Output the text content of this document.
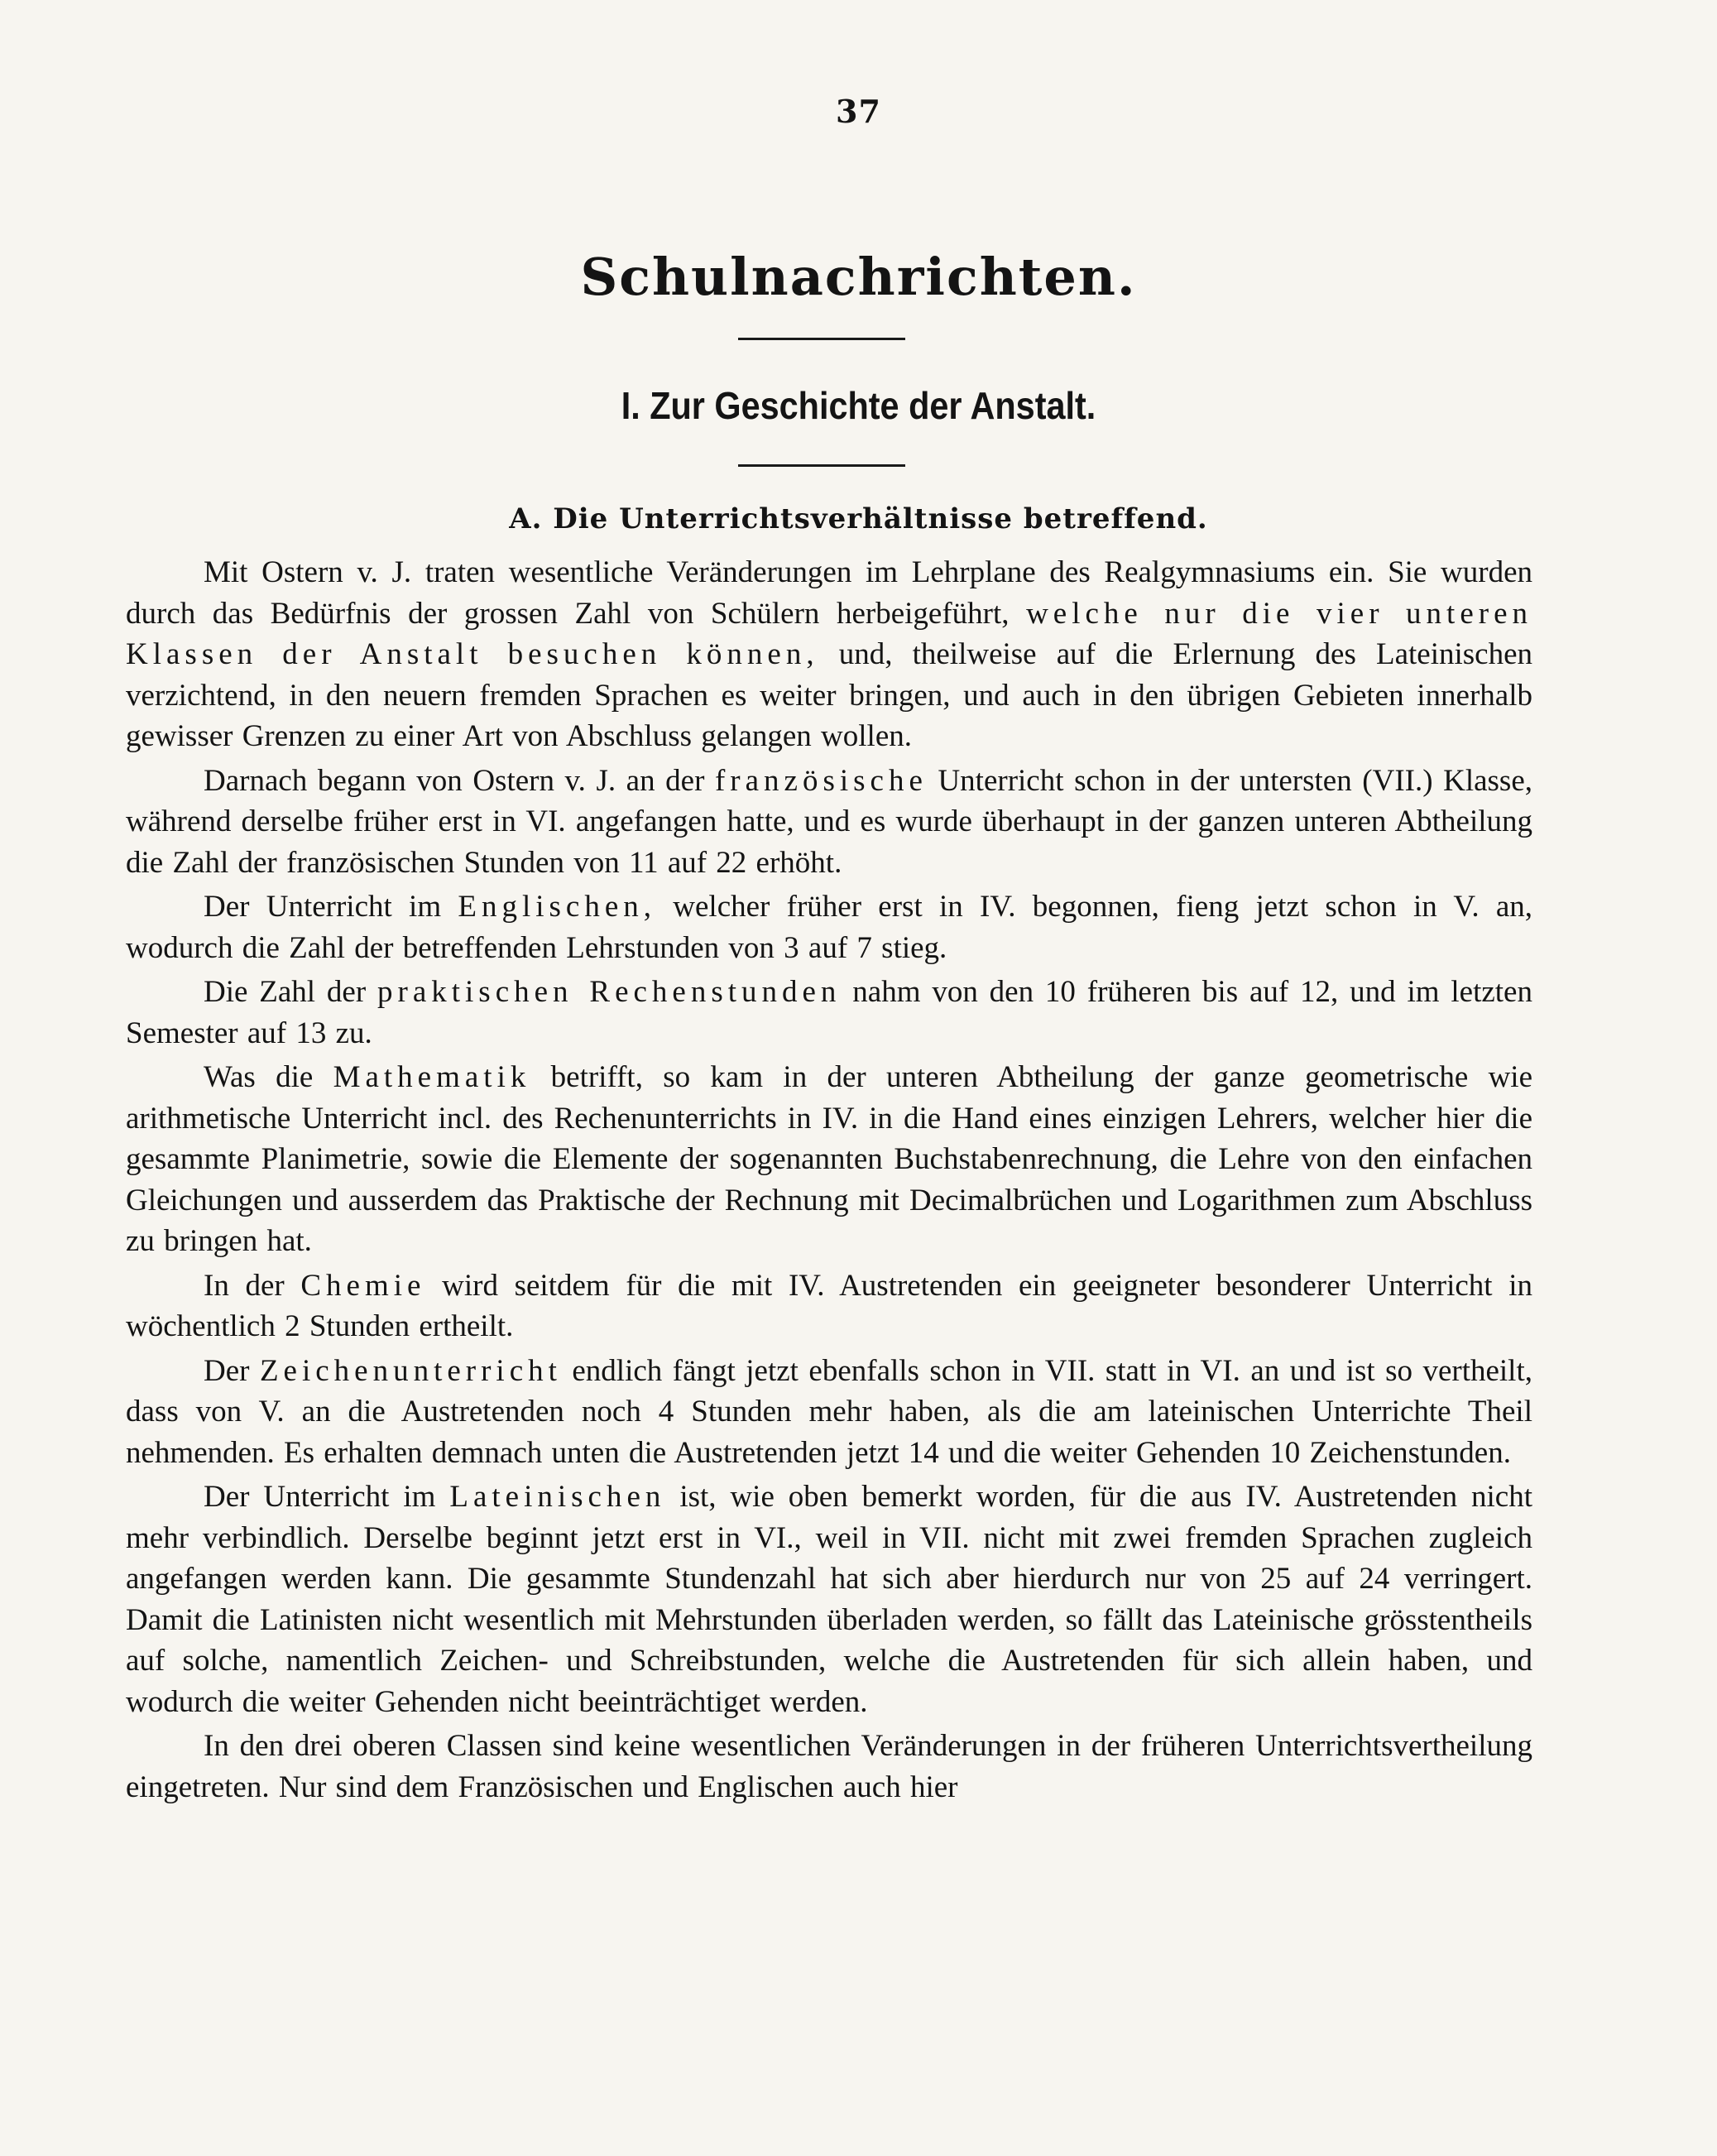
37
Schulnachrichten.
I. Zur Geschichte der Anstalt.
A. Die Unterrichtsverhältnisse betreffend.

Mit Ostern v. J. traten wesentliche Veränderungen im Lehrplane des Realgymnasiums ein. Sie wurden durch das Bedürfnis der grossen Zahl von Schülern herbeigeführt, welche nur die vier unteren Klassen der Anstalt besuchen können, und, theilweise auf die Erlernung des Lateinischen verzichtend, in den neuern fremden Sprachen es weiter bringen, und auch in den übrigen Gebieten innerhalb gewisser Grenzen zu einer Art von Abschluss gelangen wollen.

Darnach begann von Ostern v. J. an der französische Unterricht schon in der untersten (VII.) Klasse, während derselbe früher erst in VI. angefangen hatte, und es wurde überhaupt in der ganzen unteren Abtheilung die Zahl der französischen Stunden von 11 auf 22 erhöht.

Der Unterricht im Englischen, welcher früher erst in IV. begonnen, fieng jetzt schon in V. an, wodurch die Zahl der betreffenden Lehrstunden von 3 auf 7 stieg.

Die Zahl der praktischen Rechenstunden nahm von den 10 früheren bis auf 12, und im letzten Semester auf 13 zu.

Was die Mathematik betrifft, so kam in der unteren Abtheilung der ganze geometrische wie arithmetische Unterricht incl. des Rechenunterrichts in IV. in die Hand eines einzigen Lehrers, welcher hier die gesammte Planimetrie, sowie die Elemente der sogenannten Buchstabenrechnung, die Lehre von den einfachen Gleichungen und ausserdem das Praktische der Rechnung mit Decimalbrüchen und Logarithmen zum Abschluss zu bringen hat.

In der Chemie wird seitdem für die mit IV. Austretenden ein geeigneter besonderer Unterricht in wöchentlich 2 Stunden ertheilt.

Der Zeichenunterricht endlich fängt jetzt ebenfalls schon in VII. statt in VI. an und ist so vertheilt, dass von V. an die Austretenden noch 4 Stunden mehr haben, als die am lateinischen Unterrichte Theil nehmenden. Es erhalten demnach unten die Austretenden jetzt 14 und die weiter Gehenden 10 Zeichenstunden.

Der Unterricht im Lateinischen ist, wie oben bemerkt worden, für die aus IV. Austretenden nicht mehr verbindlich. Derselbe beginnt jetzt erst in VI., weil in VII. nicht mit zwei fremden Sprachen zugleich angefangen werden kann. Die gesammte Stundenzahl hat sich aber hierdurch nur von 25 auf 24 verringert. Damit die Latinisten nicht wesentlich mit Mehrstunden überladen werden, so fällt das Lateinische grösstentheils auf solche, namentlich Zeichen- und Schreibstunden, welche die Austretenden für sich allein haben, und wodurch die weiter Gehenden nicht beeinträchtiget werden.

In den drei oberen Classen sind keine wesentlichen Veränderungen in der früheren Unterrichtsvertheilung eingetreten. Nur sind dem Französischen und Englischen auch hier
